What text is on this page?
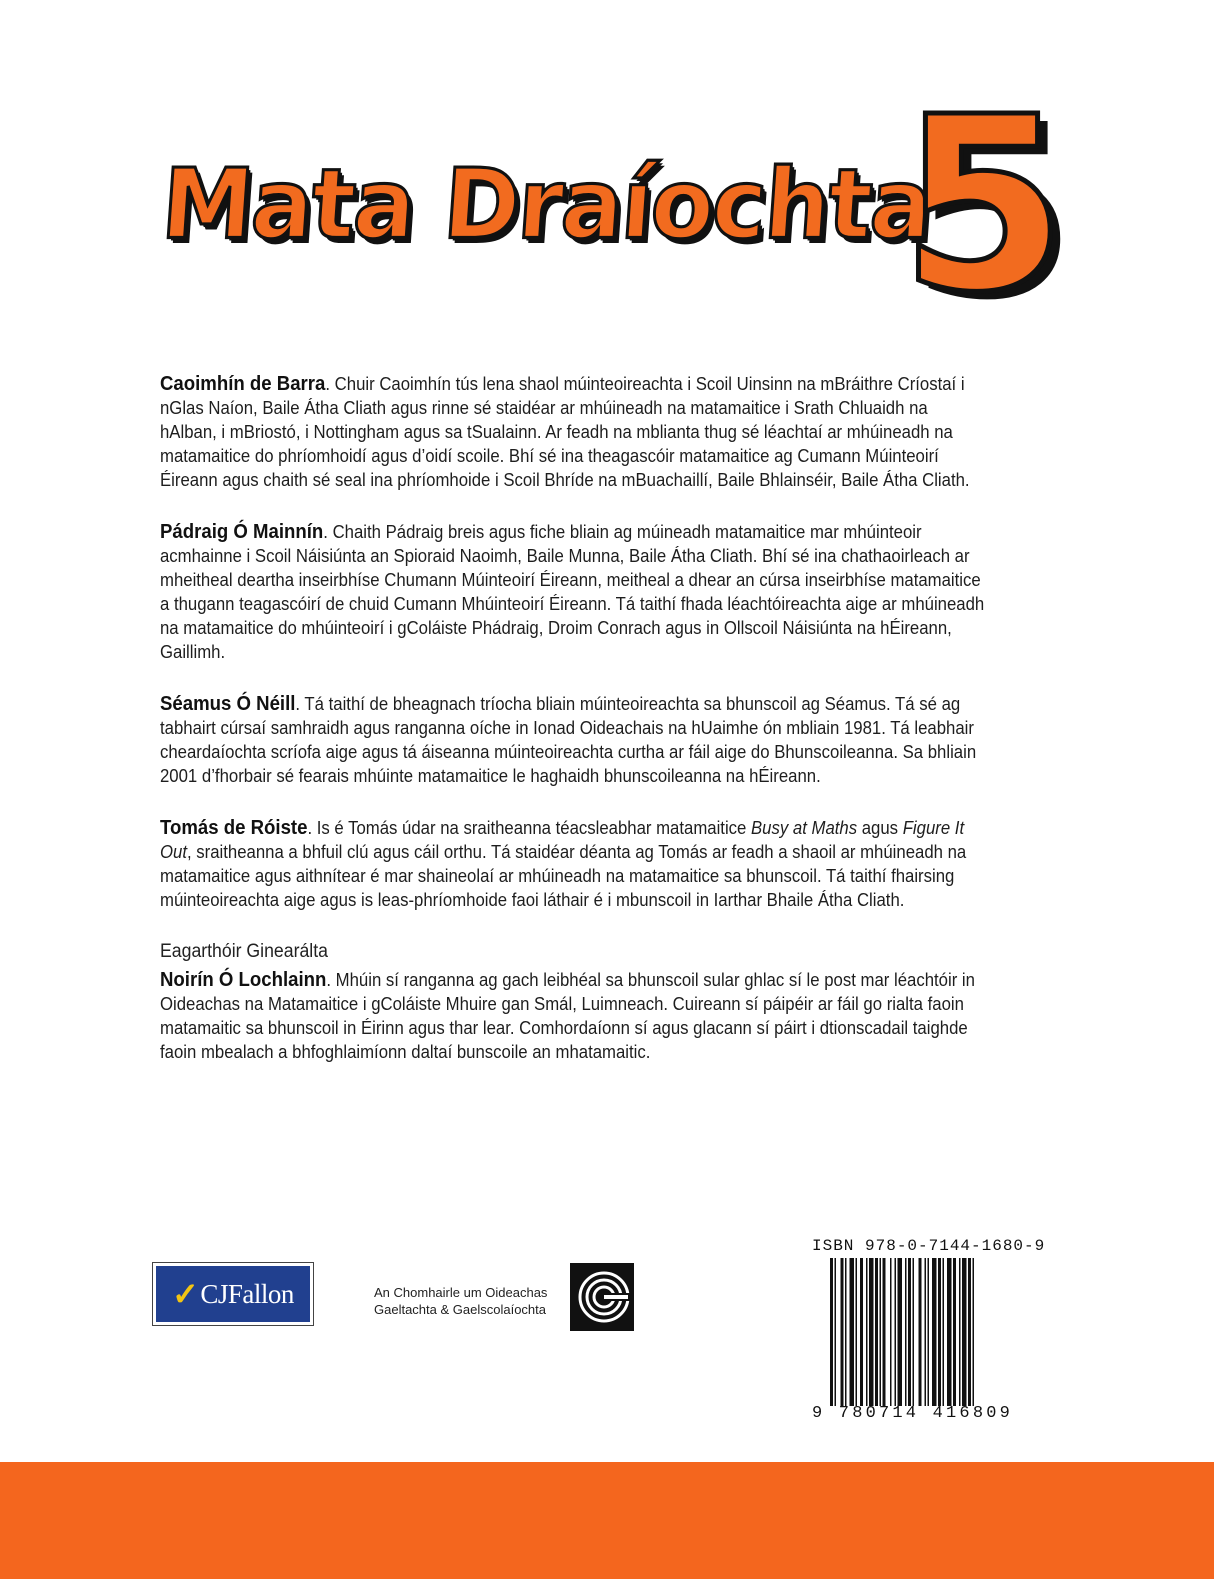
Mata Draíochta
5

Caoimhín de Barra. Chuir Caoimhín tús lena shaol múinteoireachta i Scoil Uinsinn na mBráithre Críostaí i nGlas Naíon, Baile Átha Cliath agus rinne sé staidéar ar mhúineadh na matamaitice i Srath Chluaidh na hAlban, i mBriostó, i Nottingham agus sa tSualainn. Ar feadh na mblianta thug sé léachtaí ar mhúineadh na matamaitice do phríomhoidí agus d’oidí scoile. Bhí sé ina theagascóir matamaitice ag Cumann Múinteoirí Éireann agus chaith sé seal ina phríomhoide i Scoil Bhríde na mBuachaillí, Baile Bhlainséir, Baile Átha Cliath.

Pádraig Ó Mainnín. Chaith Pádraig breis agus fiche bliain ag múineadh matamaitice mar mhúinteoir acmhainne i Scoil Náisiúnta an Spioraid Naoimh, Baile Munna, Baile Átha Cliath. Bhí sé ina chathaoirleach ar mheitheal deartha inseirbhíse Chumann Múinteoirí Éireann, meitheal a dhear an cúrsa inseirbhíse matamaitice a thugann teagascóirí de chuid Cumann Mhúinteoirí Éireann. Tá taithí fhada léachtóireachta aige ar mhúineadh na matamaitice do mhúinteoirí i gColáiste Phádraig, Droim Conrach agus in Ollscoil Náisiúnta na hÉireann, Gaillimh.

Séamus Ó Néill. Tá taithí de bheagnach tríocha bliain múinteoireachta sa bhunscoil ag Séamus. Tá sé ag tabhairt cúrsaí samhraidh agus ranganna oíche in Ionad Oideachais na hUaimhe ón mbliain 1981. Tá leabhair cheardaíochta scríofa aige agus tá áiseanna múinteoireachta curtha ar fáil aige do Bhunscoileanna. Sa bhliain 2001 d’fhorbair sé fearais mhúinte matamaitice le haghaidh bhunscoileanna na hÉireann.

Tomás de Róiste. Is é Tomás údar na sraitheanna téacsleabhar matamaitice Busy at Maths agus Figure It Out, sraitheanna a bhfuil clú agus cáil orthu. Tá staidéar déanta ag Tomás ar feadh a shaoil ar mhúineadh na matamaitice agus aithnítear é mar shaineolaí ar mhúineadh na matamaitice sa bhunscoil. Tá taithí fhairsing múinteoireachta aige agus is leas-phríomhoide faoi láthair é i mbunscoil in Iarthar Bhaile Átha Cliath.

Eagarthóir Ginearálta

Noirín Ó Lochlainn. Mhúin sí ranganna ag gach leibhéal sa bhunscoil sular ghlac sí le post mar léachtóir in Oideachas na Matamaitice i gColáiste Mhuire gan Smál, Luimneach. Cuireann sí páipéir ar fáil go rialta faoin matamaitic sa bhunscoil in Éirinn agus thar lear. Comhordaíonn sí agus glacann sí páirt i dtionscadail taighde faoin mbealach a bhfoghlaimíonn daltaí bunscoile an mhatamaitic.

✓ CJFallon	An Chomhairle um Oideachas
Gaeltachta & Gaelscolaíochta
ISBN 978-0-7144-1680-9
9 780714 416809
